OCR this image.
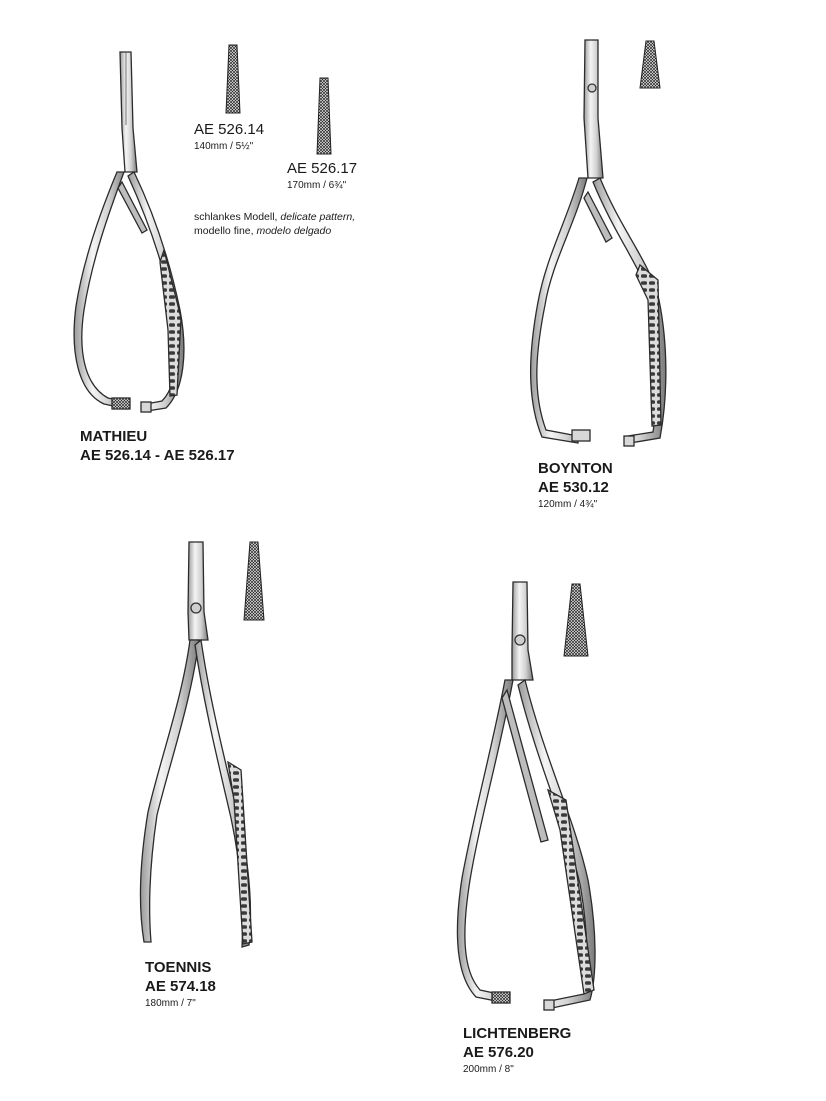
AE 526.14
140mm / 5½"
AE 526.17
170mm / 6¾"
schlankes Modell, delicate pattern,
modello fine, modelo delgado
MATHIEU
AE 526.14 - AE 526.17
BOYNTON
AE 530.12
120mm / 4¾"
TOENNIS
AE 574.18
180mm / 7"
LICHTENBERG
AE 576.20
200mm / 8"
